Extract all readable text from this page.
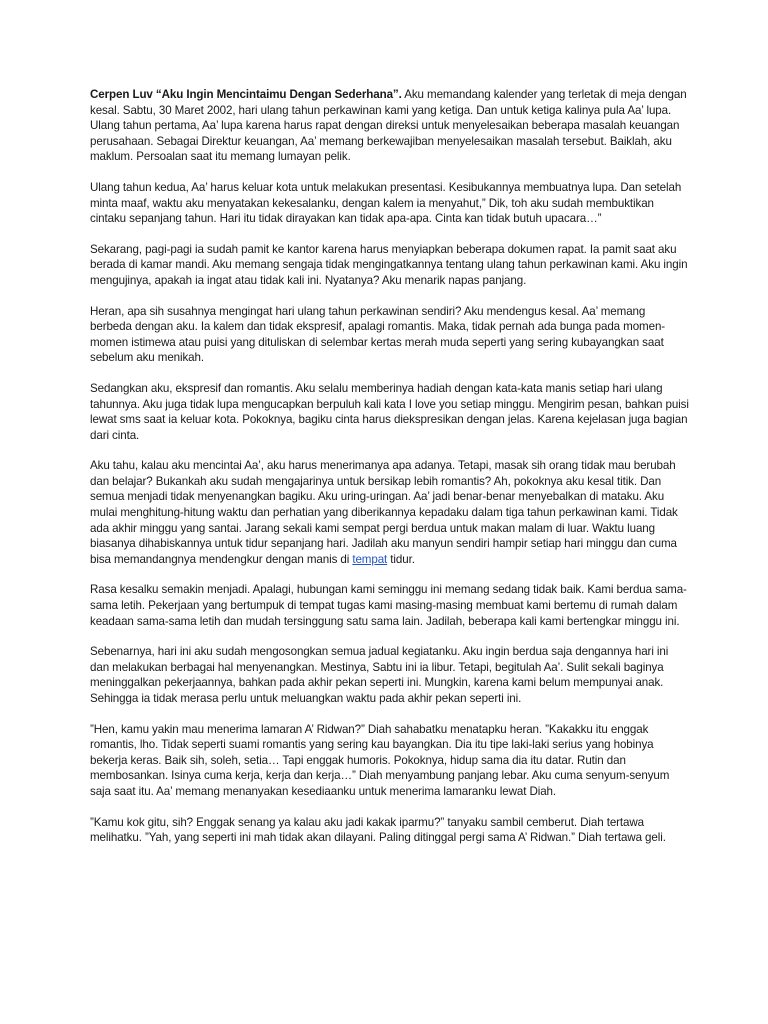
Cerpen Luv “Aku Ingin Mencintaimu Dengan Sederhana”. Aku memandang kalender yang terletak di meja dengan kesal. Sabtu, 30 Maret 2002, hari ulang tahun perkawinan kami yang ketiga. Dan untuk ketiga kalinya pula Aa’ lupa. Ulang tahun pertama, Aa’ lupa karena harus rapat dengan direksi untuk menyelesaikan beberapa masalah keuangan perusahaan. Sebagai Direktur keuangan, Aa’ memang berkewajiban menyelesaikan masalah tersebut. Baiklah, aku maklum. Persoalan saat itu memang lumayan pelik.

Ulang tahun kedua, Aa’ harus keluar kota untuk melakukan presentasi. Kesibukannya membuatnya lupa. Dan setelah minta maaf, waktu aku menyatakan kekesalanku, dengan kalem ia menyahut,” Dik, toh aku sudah membuktikan cintaku sepanjang tahun. Hari itu tidak dirayakan kan tidak apa-apa. Cinta kan tidak butuh upacara…”

Sekarang, pagi-pagi ia sudah pamit ke kantor karena harus menyiapkan beberapa dokumen rapat. Ia pamit saat aku berada di kamar mandi. Aku memang sengaja tidak mengingatkannya tentang ulang tahun perkawinan kami. Aku ingin mengujinya, apakah ia ingat atau tidak kali ini. Nyatanya? Aku menarik napas panjang.

Heran, apa sih susahnya mengingat hari ulang tahun perkawinan sendiri? Aku mendengus kesal. Aa’ memang berbeda dengan aku. Ia kalem dan tidak ekspresif, apalagi romantis. Maka, tidak pernah ada bunga pada momen-momen istimewa atau puisi yang dituliskan di selembar kertas merah muda seperti yang sering kubayangkan saat sebelum aku menikah.

Sedangkan aku, ekspresif dan romantis. Aku selalu memberinya hadiah dengan kata-kata manis setiap hari ulang tahunnya. Aku juga tidak lupa mengucapkan berpuluh kali kata I love you setiap minggu. Mengirim pesan, bahkan puisi lewat sms saat ia keluar kota. Pokoknya, bagiku cinta harus diekspresikan dengan jelas. Karena kejelasan juga bagian dari cinta.

Aku tahu, kalau aku mencintai Aa’, aku harus menerimanya apa adanya. Tetapi, masak sih orang tidak mau berubah dan belajar? Bukankah aku sudah mengajarinya untuk bersikap lebih romantis? Ah, pokoknya aku kesal titik. Dan semua menjadi tidak menyenangkan bagiku. Aku uring-uringan. Aa’ jadi benar-benar menyebalkan di mataku. Aku mulai menghitung-hitung waktu dan perhatian yang diberikannya kepadaku dalam tiga tahun perkawinan kami. Tidak ada akhir minggu yang santai. Jarang sekali kami sempat pergi berdua untuk makan malam di luar. Waktu luang biasanya dihabiskannya untuk tidur sepanjang hari. Jadilah aku manyun sendiri hampir setiap hari minggu dan cuma bisa memandangnya mendengkur dengan manis di tempat tidur.

Rasa kesalku semakin menjadi. Apalagi, hubungan kami seminggu ini memang sedang tidak baik. Kami berdua sama-sama letih. Pekerjaan yang bertumpuk di tempat tugas kami masing-masing membuat kami bertemu di rumah dalam keadaan sama-sama letih dan mudah tersinggung satu sama lain. Jadilah, beberapa kali kami bertengkar minggu ini.

Sebenarnya, hari ini aku sudah mengosongkan semua jadual kegiatanku. Aku ingin berdua saja dengannya hari ini dan melakukan berbagai hal menyenangkan. Mestinya, Sabtu ini ia libur. Tetapi, begitulah Aa’. Sulit sekali baginya meninggalkan pekerjaannya, bahkan pada akhir pekan seperti ini. Mungkin, karena kami belum mempunyai anak. Sehingga ia tidak merasa perlu untuk meluangkan waktu pada akhir pekan seperti ini.

”Hen, kamu yakin mau menerima lamaran A’ Ridwan?” Diah sahabatku menatapku heran. ”Kakakku itu enggak romantis, lho. Tidak seperti suami romantis yang sering kau bayangkan. Dia itu tipe laki-laki serius yang hobinya bekerja keras. Baik sih, soleh, setia… Tapi enggak humoris. Pokoknya, hidup sama dia itu datar. Rutin dan membosankan. Isinya cuma kerja, kerja dan kerja…” Diah menyambung panjang lebar. Aku cuma senyum-senyum saja saat itu. Aa’ memang menanyakan kesediaanku untuk menerima lamaranku lewat Diah.

”Kamu kok gitu, sih? Enggak senang ya kalau aku jadi kakak iparmu?” tanyaku sambil cemberut. Diah tertawa melihatku. ”Yah, yang seperti ini mah tidak akan dilayani. Paling ditinggal pergi sama A’ Ridwan.” Diah tertawa geli.
